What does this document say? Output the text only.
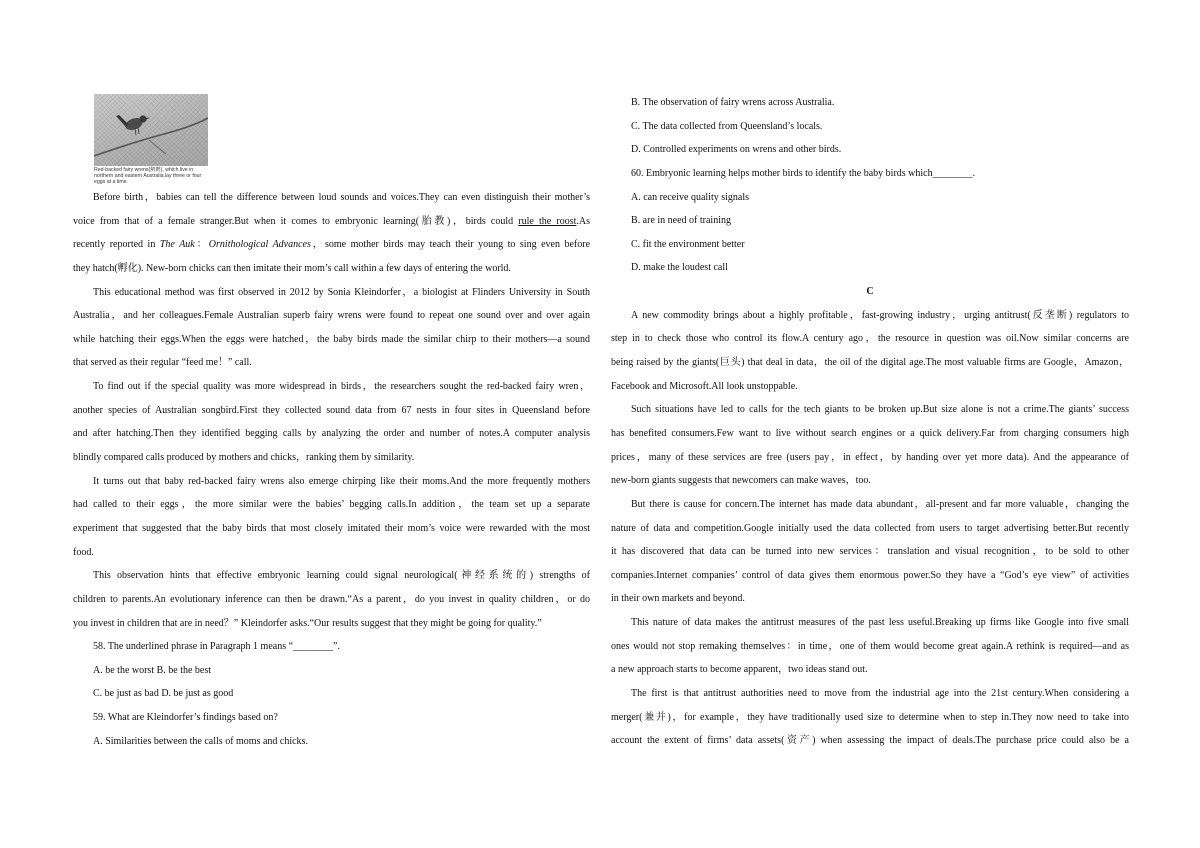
Red-backed fairy wrens(鹪鹩), which live in northern and eastern Australia,lay three or four eggs at a time.
Before birth，babies can tell the difference between loud sounds and voices.They can even distinguish their mother’s
voice from that of a female stranger.But when it comes to embryonic learning(胎教)，birds could rule the roost.As
recently reported in The Auk：Ornithological Advances，some mother birds may teach their young to sing even before
they hatch(孵化). New-born chicks can then imitate their mom’s call within a few days of entering the world.
This educational method was first observed in 2012 by Sonia Kleindorfer，a biologist at Flinders University in South
Australia，and her colleagues.Female Australian superb fairy wrens were found to repeat one sound over and over again
while hatching their eggs.When the eggs were hatched，the baby birds made the similar chirp to their mothers—a sound
that served as their regular “feed me！” call.
To find out if the special quality was more widespread in birds，the researchers sought the red-backed fairy wren，
another species of Australian songbird.First they collected sound data from 67 nests in four sites in Queensland before
and after hatching.Then they identified begging calls by analyzing the order and number of notes.A computer analysis
blindly compared calls produced by mothers and chicks，ranking them by similarity.
It turns out that baby red-backed fairy wrens also emerge chirping like their moms.And the more frequently mothers
had called to their eggs，the more similar were the babies’ begging calls.In addition，the team set up a separate
experiment that suggested that the baby birds that most closely imitated their mom’s voice were rewarded with the most
food.
This observation hints that effective embryonic learning could signal neurological(神经系统的) strengths of
children to parents.An evolutionary inference can then be drawn.“As a parent，do you invest in quality children，or do
you invest in children that are in need？” Kleindorfer asks.“Our results suggest that they might be going for quality.”
58. The underlined phrase in Paragraph 1 means “________”.
A. be the worst B. be the best
C. be just as bad D. be just as good
59. What are Kleindorfer’s findings based on?
A. Similarities between the calls of moms and chicks.
B. The observation of fairy wrens across Australia.
C. The data collected from Queensland’s locals.
D. Controlled experiments on wrens and other birds.
60. Embryonic learning helps mother birds to identify the baby birds which________.
A. can receive quality signals
B. are in need of training
C. fit the environment better
D. make the loudest call
C
A new commodity brings about a highly profitable，fast-growing industry，urging antitrust(反垄断) regulators to
step in to check those who control its flow.A century ago，the resource in question was oil.Now similar concerns are
being raised by the giants(巨头) that deal in data，the oil of the digital age.The most valuable firms are Google，Amazon，
Facebook and Microsoft.All look unstoppable.
Such situations have led to calls for the tech giants to be broken up.But size alone is not a crime.The giants’ success
has benefited consumers.Few want to live without search engines or a quick delivery.Far from charging consumers high
prices，many of these services are free (users pay，in effect，by handing over yet more data). And the appearance of
new-born giants suggests that newcomers can make waves，too.
But there is cause for concern.The internet has made data abundant，all-present and far more valuable，changing the
nature of data and competition.Google initially used the data collected from users to target advertising better.But recently
it has discovered that data can be turned into new services：translation and visual recognition，to be sold to other
companies.Internet companies’ control of data gives them enormous power.So they have a “God’s eye view” of activities
in their own markets and beyond.
This nature of data makes the antitrust measures of the past less useful.Breaking up firms like Google into five small
ones would not stop remaking themselves：in time，one of them would become great again.A rethink is required—and as
a new approach starts to become apparent，two ideas stand out.
The first is that antitrust authorities need to move from the industrial age into the 21st century.When considering a
merger(兼并)，for example，they have traditionally used size to determine when to step in.They now need to take into
account the extent of firms’ data assets(资产) when assessing the impact of deals.The purchase price could also be a
